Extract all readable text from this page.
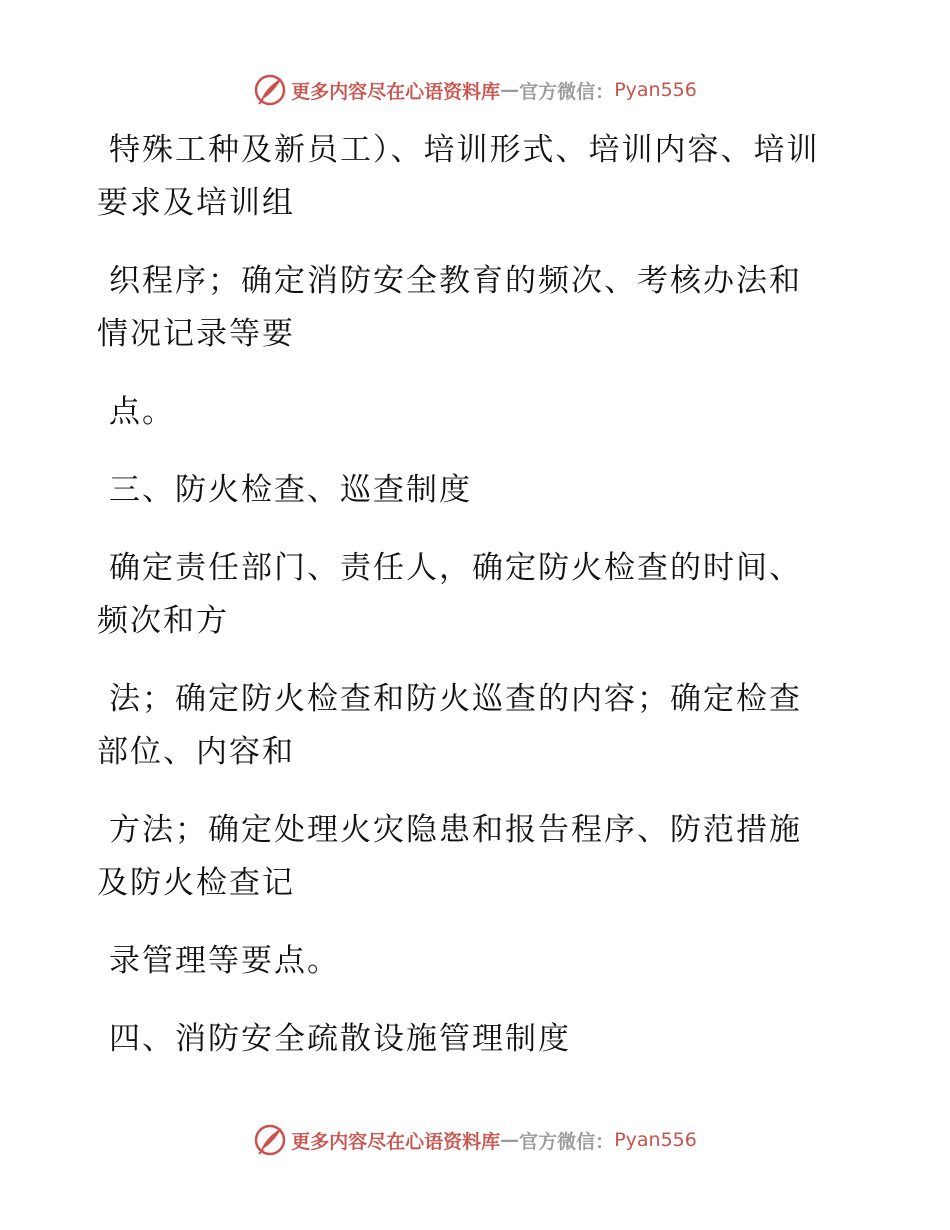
更多内容尽在心语资料库 — 官方微信： Pyan556

特殊工种及新员工）、培训形式、培训内容、培训要求及培训组

织程序；确定消防安全教育的频次、考核办法和情况记录等要

点。

三、防火检查、巡查制度

确定责任部门、责任人，确定防火检查的时间、频次和方

法；确定防火检查和防火巡查的内容；确定检查部位、内容和

方法；确定处理火灾隐患和报告程序、防范措施及防火检查记

录管理等要点。

四、消防安全疏散设施管理制度

更多内容尽在心语资料库 — 官方微信： Pyan556
